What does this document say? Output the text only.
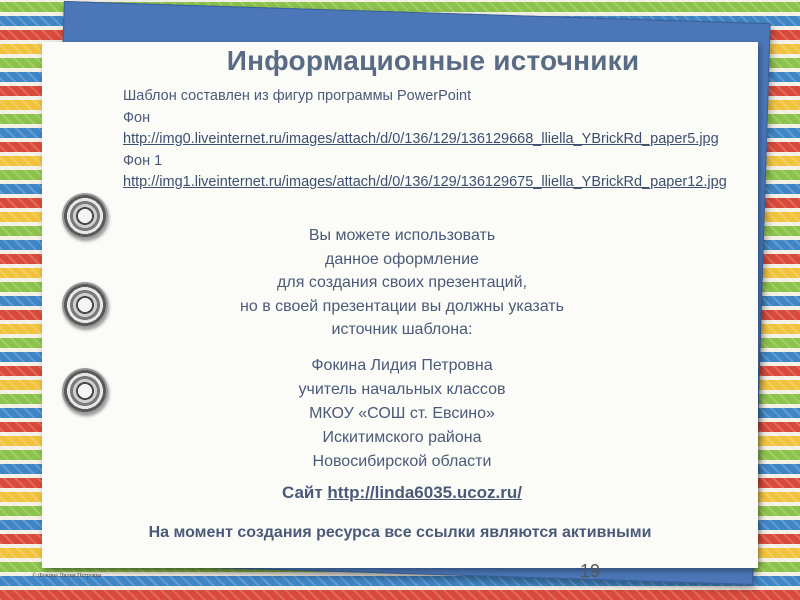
Информационные источники
Шаблон составлен из фигур программы PowerPoint
Фон
http://img0.liveinternet.ru/images/attach/d/0/136/129/136129668_lliella_YBrickRd_paper5.jpg
Фон 1
http://img1.liveinternet.ru/images/attach/d/0/136/129/136129675_lliella_YBrickRd_paper12.jpg
Вы можете использовать
данное оформление
для создания своих презентаций,
но в своей презентации вы должны указать
источник шаблона:
Фокина Лидия Петровна
учитель начальных классов
МКОУ «СОШ ст. Евсино»
Искитимского района
Новосибирской области
Сайт http://linda6035.ucoz.ru/
На момент создания ресурса все ссылки являются активными
19
© Фокина Лидия Петровна
